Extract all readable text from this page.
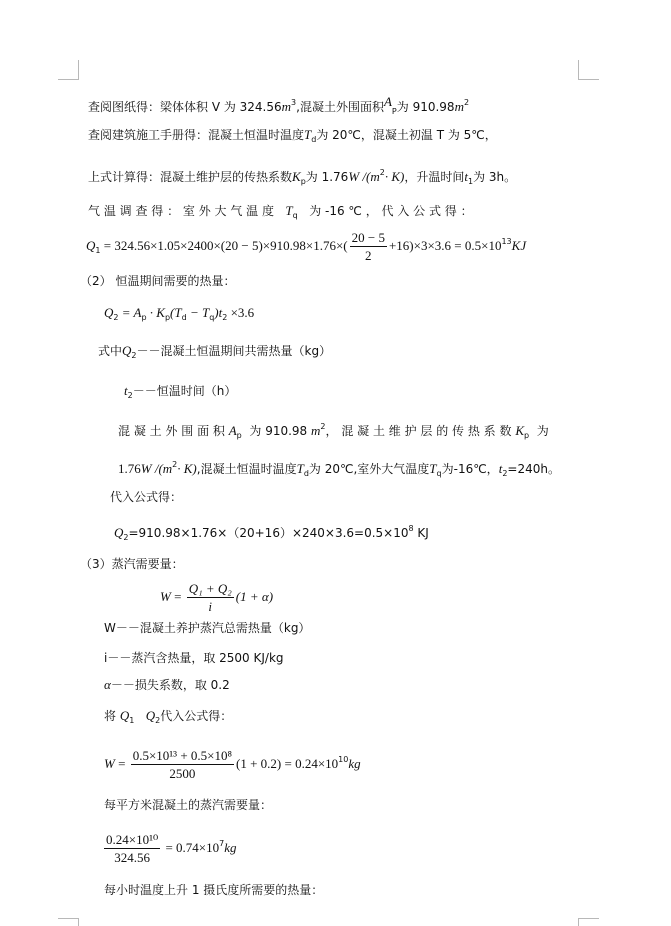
查阅图纸得：梁体体积 V 为 $324.56m^3$,混凝土外围面积$A_P$为 $910.98m^2$
查阅建筑施工手册得：混凝土恒温时温度$T_d$为 20℃，混凝土初温 T 为 5℃，
上式计算得：混凝土维护层的传热系数$K_p$为 1.76W $/(m^2\cdot K)$，升温时间$t_1$为 3h。
气 温 调 查 得 ： 室 外 大 气 温 度 $T_q$ 为 -16 ℃ ， 代 入 公 式 得 ：
$Q_1 = 324.56\times 1.05\times 2400\times(20 - 5)\times 910.98\times 1.76\times( \frac{20 - 5}{2} +16)\times 3\times 3.6 = 0.5\times 10^{13}KJ$
（2） 恒温期间需要的热量：
$Q_2 = A_p \cdot K_p(T_d - T_q)t_2 \times 3.6$
式中$Q_2--$混凝土恒温期间共需热量（kg）
$t_2--$恒温时间（h）
混 凝 土 外 围 面 积 $A_p$ 为 910.98 $m^2$， 混 凝 土 维 护 层 的 传 热 系 数 $K_p$ 为
1.76W $/(m^2\cdot K)$,混凝土恒温时温度$T_d$为 20℃,室外大气温度$T_q$为-16℃，$t_2=240h$。
代入公式得：
$Q_2=910.98\times 1.76\times(20+16)\times 240\times 3.6=0.5\times 10^8$ KJ
（3）蒸汽需要量：
$W = \frac{\text{Q₁ + Q₂}}{i} (1 + \alpha)$
W－－混凝土养护蒸汽总需热量（kg）
i－－蒸汽含热量，取 2500 KJ/kg
α－－损失系数，取 0.2
将 $Q_1$ $Q_2$代入公式得：
$W = \frac{\text{0.5×10¹³ + 0.5×10⁸}}{2500} (1 + 0.2) = 0.24\times 10^{10}kg$
每平方米混凝土的蒸汽需要量：
$\frac{\text{0.24×10¹⁰}}{324.56} = 0.74\times 10^7kg$
每小时温度上升 1 摄氏度所需要的热量：
